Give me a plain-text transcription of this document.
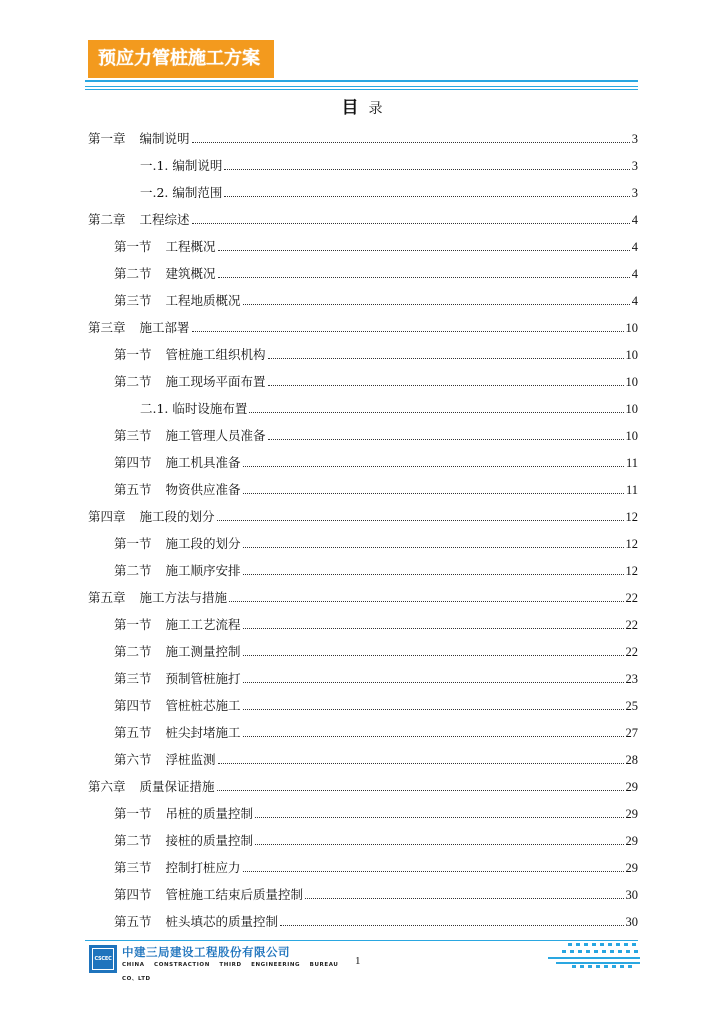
预应力管桩施工方案
目 录
第一章 编制说明	3
一.1. 编制说明	3
一.2. 编制范围	3
第二章 工程综述	4
第一节 工程概况	4
第二节 建筑概况	4
第三节 工程地质概况	4
第三章 施工部署	10
第一节 管桩施工组织机构	10
第二节 施工现场平面布置	10
二.1. 临时设施布置	10
第三节 施工管理人员准备	10
第四节 施工机具准备	11
第五节 物资供应准备	11
第四章 施工段的划分	12
第一节 施工段的划分	12
第二节 施工顺序安排	12
第五章 施工方法与措施	22
第一节 施工工艺流程	22
第二节 施工测量控制	22
第三节 预制管桩施打	23
第四节 管桩桩芯施工	25
第五节 桩尖封堵施工	27
第六节 浮桩监测	28
第六章 质量保证措施	29
第一节 吊桩的质量控制	29
第二节 接桩的质量控制	29
第三节 控制打桩应力	29
第四节 管桩施工结束后质量控制	30
第五节 桩头填芯的质量控制	30
CSCEC 中建三局建设工程股份有限公司
CHINA CONSTRACTION THIRD ENGINEERING BUREAU
CO、LTD
1
